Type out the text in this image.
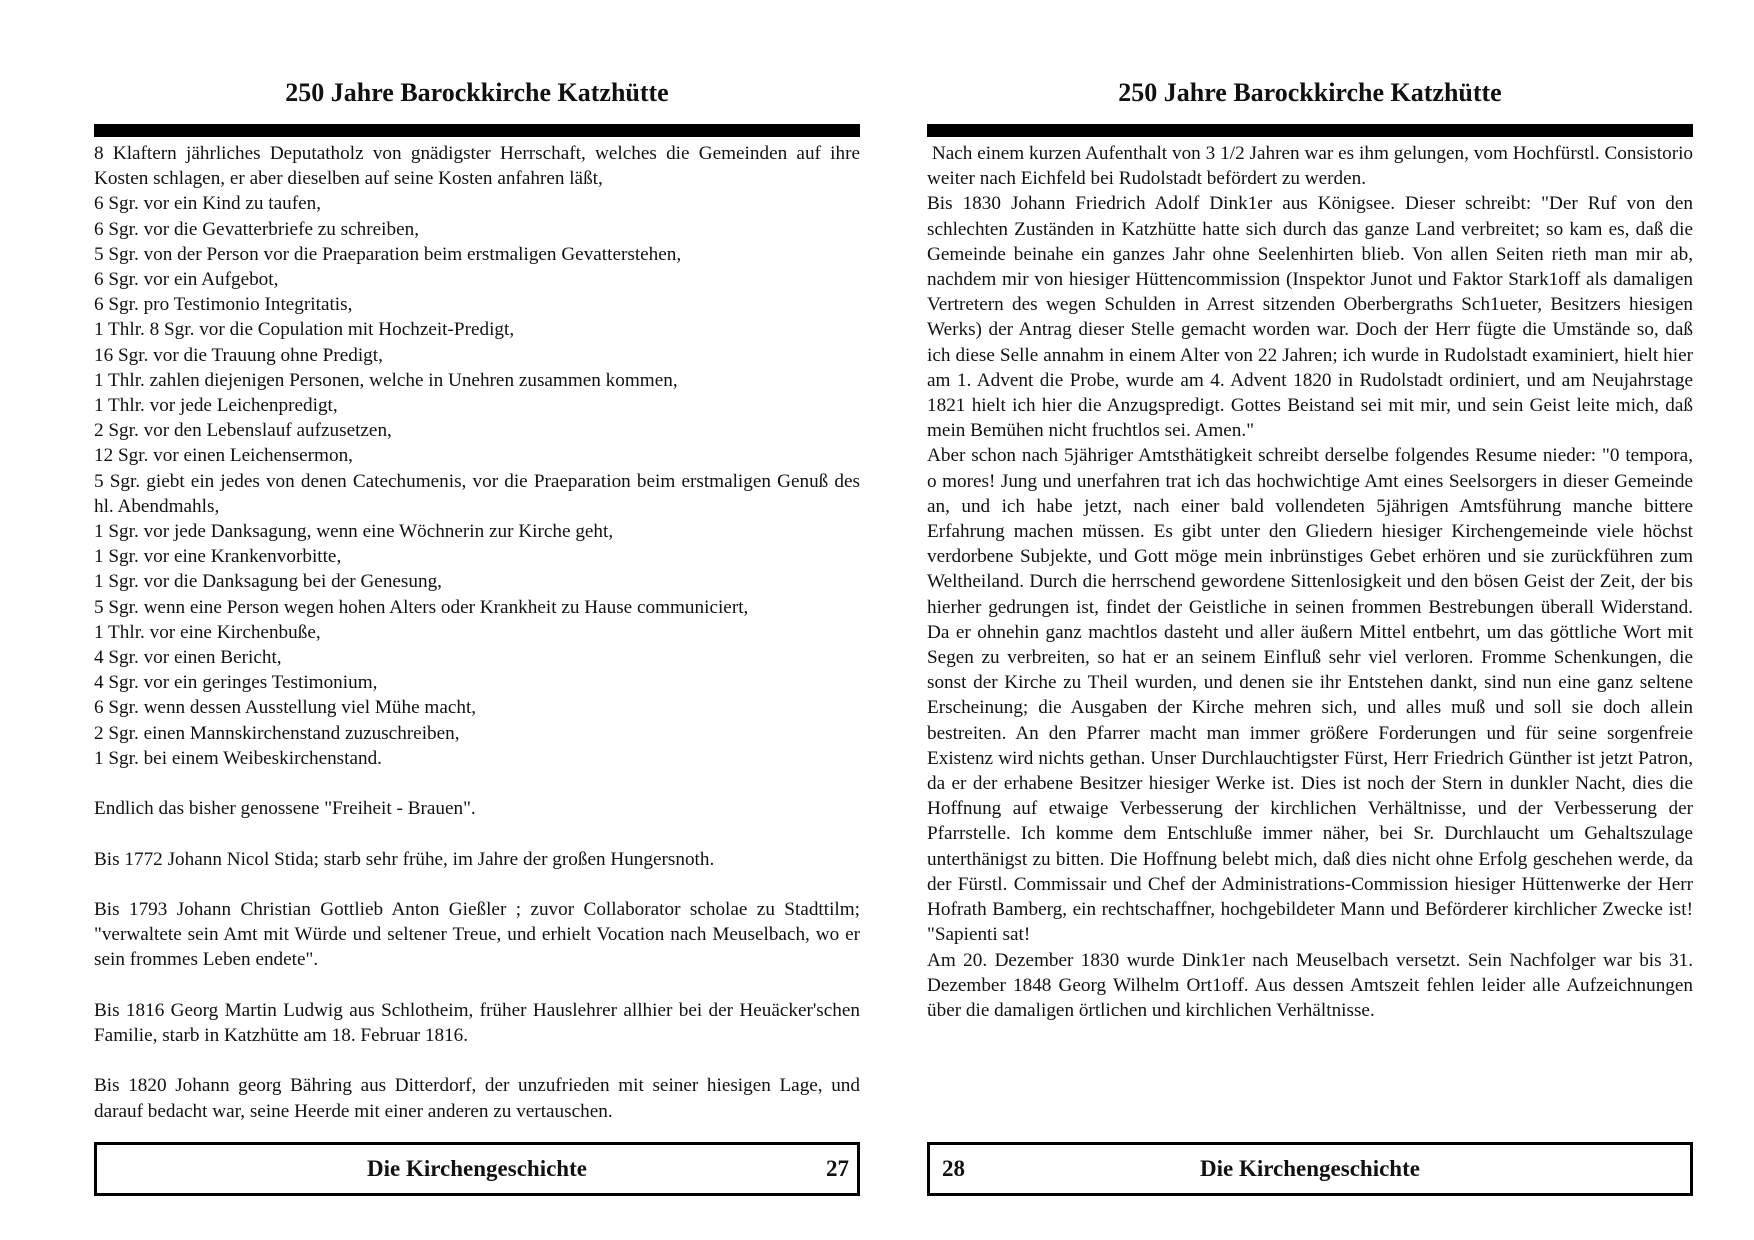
250 Jahre Barockkirche Katzhütte
8 Klaftern jährliches Deputatholz von gnädigster Herrschaft, welches die Gemeinden auf ihre Kosten schlagen, er aber dieselben auf seine Kosten anfahren läßt,
6 Sgr. vor ein Kind zu taufen,
6 Sgr. vor die Gevatterbriefe zu schreiben,
5 Sgr. von der Person vor die Praeparation beim erstmaligen Gevatterstehen,
6 Sgr. vor ein Aufgebot,
6 Sgr. pro Testimonio Integritatis,
1 Thlr. 8 Sgr. vor die Copulation mit Hochzeit-Predigt,
16 Sgr. vor die Trauung ohne Predigt,
1 Thlr. zahlen diejenigen Personen, welche in Unehren zusammen kommen,
1 Thlr. vor jede Leichenpredigt,
2 Sgr. vor den Lebenslauf aufzusetzen,
12 Sgr. vor einen Leichensermon,
5 Sgr. giebt ein jedes von denen Catechumenis, vor die Praeparation beim erstmaligen Genuß des hl. Abendmahls,
1 Sgr. vor jede Danksagung, wenn eine Wöchnerin zur Kirche geht,
1 Sgr. vor eine Krankenvorbitte,
1 Sgr. vor die Danksagung bei der Genesung,
5 Sgr. wenn eine Person wegen hohen Alters oder Krankheit zu Hause communiciert,
1 Thlr. vor eine Kirchenbuße,
4 Sgr. vor einen Bericht,
4 Sgr. vor ein geringes Testimonium,
6 Sgr. wenn dessen Ausstellung viel Mühe macht,
2 Sgr. einen Mannskirchenstand zuzuschreiben,
1 Sgr. bei einem Weibeskirchenstand.
Endlich das bisher genossene "Freiheit - Brauen".
Bis 1772 Johann Nicol Stida; starb sehr frühe, im Jahre der großen Hungersnoth.
Bis 1793 Johann Christian Gottlieb Anton Gießler ; zuvor Collaborator scholae zu Stadttilm; "verwaltete sein Amt mit Würde und seltener Treue, und erhielt Vocation nach Meuselbach, wo er sein frommes Leben endete".
Bis 1816 Georg Martin Ludwig aus Schlotheim, früher Hauslehrer allhier bei der Heuäcker'schen Familie, starb in Katzhütte am 18. Februar 1816.
Bis 1820 Johann georg Bähring aus Ditterdorf, der unzufrieden mit seiner hiesigen Lage, und darauf bedacht war, seine Heerde mit einer anderen zu vertauschen.
Die Kirchengeschichte	27
250 Jahre Barockkirche Katzhütte
Nach einem kurzen Aufenthalt von 3 1/2 Jahren war es ihm gelungen, vom Hochfürstl. Consistorio weiter nach Eichfeld bei Rudolstadt befördert zu werden.
Bis 1830 Johann Friedrich Adolf Dink1er aus Königsee. Dieser schreibt: "Der Ruf von den schlechten Zuständen in Katzhütte hatte sich durch das ganze Land verbreitet; so kam es, daß die Gemeinde beinahe ein ganzes Jahr ohne Seelenhirten blieb. Von allen Seiten rieth man mir ab, nachdem mir von hiesiger Hüttencommission (Inspektor Junot und Faktor Stark1off als damaligen Vertretern des wegen Schulden in Arrest sitzenden Oberbergraths Sch1ueter, Besitzers hiesigen Werks) der Antrag dieser Stelle gemacht worden war. Doch der Herr fügte die Umstände so, daß ich diese Selle annahm in einem Alter von 22 Jahren; ich wurde in Rudolstadt examiniert, hielt hier am 1. Advent die Probe, wurde am 4. Advent 1820 in Rudolstadt ordiniert, und am Neujahrstage 1821 hielt ich hier die Anzugspredigt. Gottes Beistand sei mit mir, und sein Geist leite mich, daß mein Bemühen nicht fruchtlos sei. Amen."
Aber schon nach 5jähriger Amtsthätigkeit schreibt derselbe folgendes Resume nieder: "0 tempora, o mores! Jung und unerfahren trat ich das hochwichtige Amt eines Seelsorgers in dieser Gemeinde an, und ich habe jetzt, nach einer bald vollendeten 5jährigen Amtsführung manche bittere Erfahrung machen müssen. Es gibt unter den Gliedern hiesiger Kirchengemeinde viele höchst verdorbene Subjekte, und Gott möge mein inbrünstiges Gebet erhören und sie zurückführen zum Weltheiland. Durch die herrschend gewordene Sittenlosigkeit und den bösen Geist der Zeit, der bis hierher gedrungen ist, findet der Geistliche in seinen frommen Bestrebungen überall Widerstand. Da er ohnehin ganz machtlos dasteht und aller äußern Mittel entbehrt, um das göttliche Wort mit Segen zu verbreiten, so hat er an seinem Einfluß sehr viel verloren. Fromme Schenkungen, die sonst der Kirche zu Theil wurden, und denen sie ihr Entstehen dankt, sind nun eine ganz seltene Erscheinung; die Ausgaben der Kirche mehren sich, und alles muß und soll sie doch allein bestreiten. An den Pfarrer macht man immer größere Forderungen und für seine sorgenfreie Existenz wird nichts gethan. Unser Durchlauchtigster Fürst, Herr Friedrich Günther ist jetzt Patron, da er der erhabene Besitzer hiesiger Werke ist. Dies ist noch der Stern in dunkler Nacht, dies die Hoffnung auf etwaige Verbesserung der kirchlichen Verhältnisse, und der Verbesserung der Pfarrstelle. Ich komme dem Entschluße immer näher, bei Sr. Durchlaucht um Gehaltszulage unterthänigst zu bitten. Die Hoffnung belebt mich, daß dies nicht ohne Erfolg geschehen werde, da der Fürstl. Commissair und Chef der Administrations-Commission hiesiger Hüttenwerke der Herr Hofrath Bamberg, ein rechtschaffner, hochgebildeter Mann und Beförderer kirchlicher Zwecke ist! "Sapienti sat!
Am 20. Dezember 1830 wurde Dink1er nach Meuselbach versetzt. Sein Nachfolger war bis 31. Dezember 1848 Georg Wilhelm Ort1off. Aus dessen Amtszeit fehlen leider alle Aufzeichnungen über die damaligen örtlichen und kirchlichen Verhältnisse.
Die Kirchengeschichte
28
